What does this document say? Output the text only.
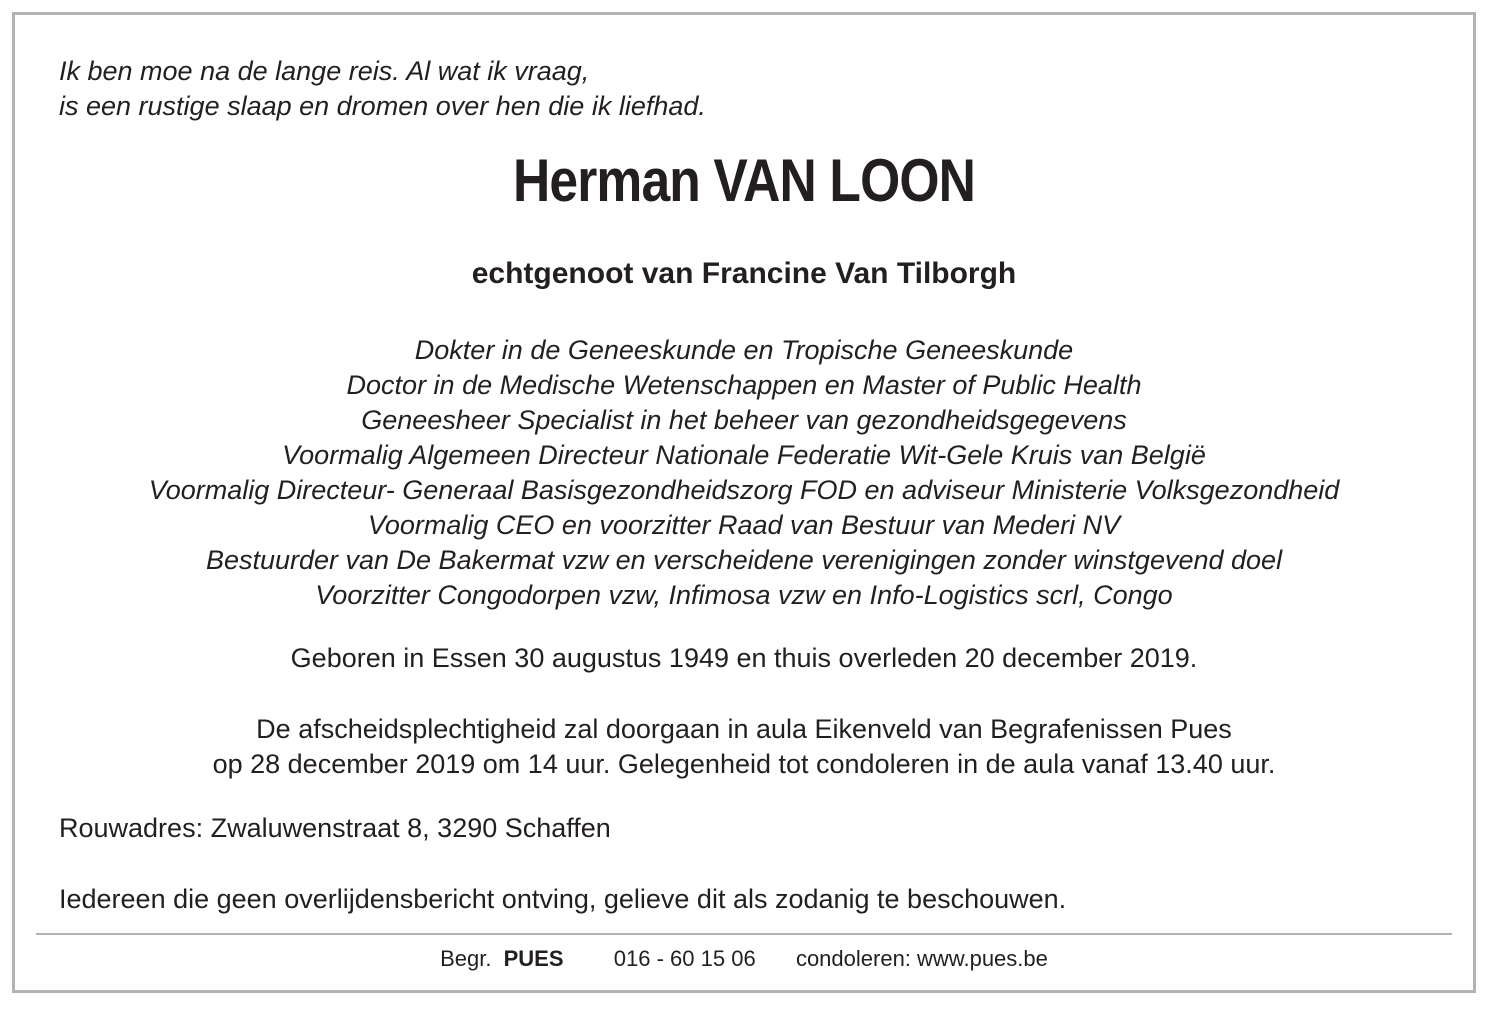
Ik ben moe na de lange reis. Al wat ik vraag,
is een rustige slaap en dromen over hen die ik liefhad.
Herman VAN LOON
echtgenoot van Francine Van Tilborgh
Dokter in de Geneeskunde en Tropische Geneeskunde
Doctor in de Medische Wetenschappen en Master of Public Health
Geneesheer Specialist in het beheer van gezondheidsgegevens
Voormalig Algemeen Directeur Nationale Federatie Wit-Gele Kruis van België
Voormalig Directeur- Generaal Basisgezondheidszorg FOD en adviseur Ministerie Volksgezondheid
Voormalig CEO en voorzitter Raad van Bestuur van Mederi NV
Bestuurder van De Bakermat vzw en verscheidene verenigingen zonder winstgevend doel
Voorzitter Congodorpen vzw, Infimosa vzw en Info-Logistics scrl, Congo
Geboren in Essen 30 augustus 1949 en thuis overleden 20 december 2019.
De afscheidsplechtigheid zal doorgaan in aula Eikenveld van Begrafenissen Pues
op 28 december 2019 om 14 uur. Gelegenheid tot condoleren in de aula vanaf 13.40 uur.
Rouwadres: Zwaluwenstraat 8, 3290 Schaffen
Iedereen die geen overlijdensbericht ontving, gelieve dit als zodanig te beschouwen.
Begr. PUES 016 - 60 15 06 condoleren: www.pues.be
